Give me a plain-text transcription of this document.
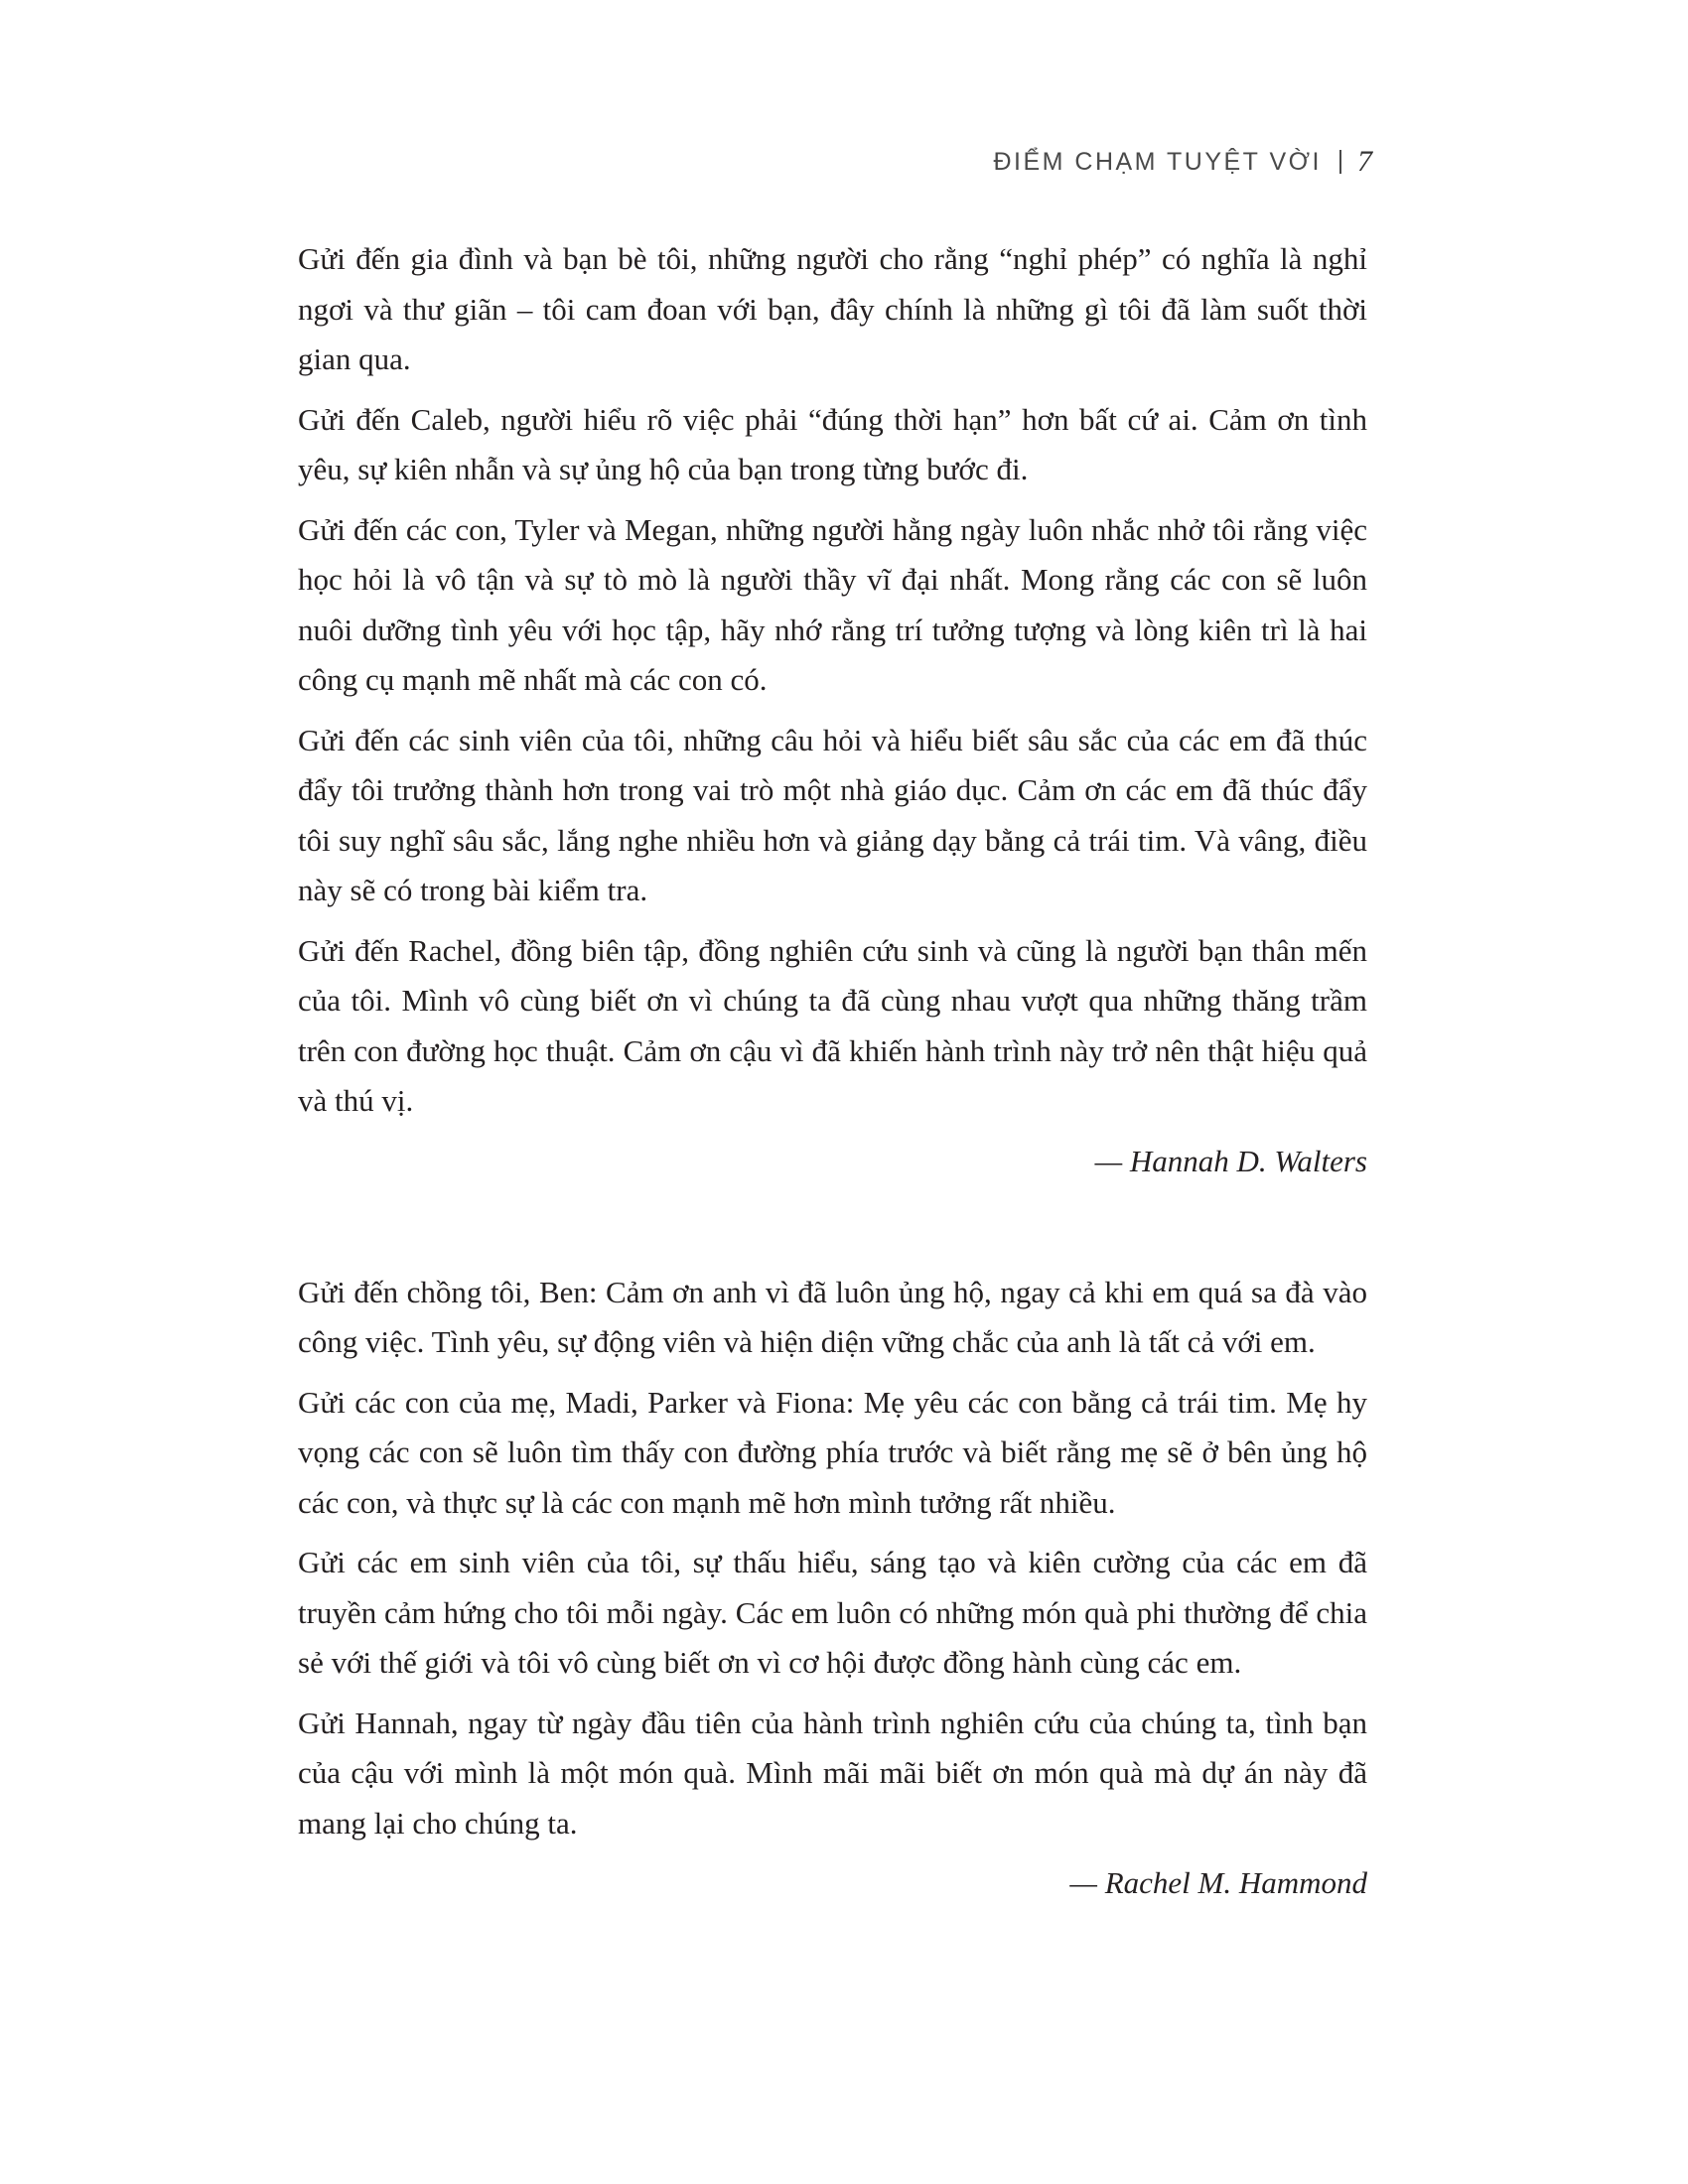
ĐIỂM CHẠM TUYỆT VỜI 7

Gửi đến gia đình và bạn bè tôi, những người cho rằng “nghỉ phép” có nghĩa là nghỉ ngơi và thư giãn – tôi cam đoan với bạn, đây chính là những gì tôi đã làm suốt thời gian qua.

Gửi đến Caleb, người hiểu rõ việc phải “đúng thời hạn” hơn bất cứ ai. Cảm ơn tình yêu, sự kiên nhẫn và sự ủng hộ của bạn trong từng bước đi.

Gửi đến các con, Tyler và Megan, những người hằng ngày luôn nhắc nhở tôi rằng việc học hỏi là vô tận và sự tò mò là người thầy vĩ đại nhất. Mong rằng các con sẽ luôn nuôi dưỡng tình yêu với học tập, hãy nhớ rằng trí tưởng tượng và lòng kiên trì là hai công cụ mạnh mẽ nhất mà các con có.

Gửi đến các sinh viên của tôi, những câu hỏi và hiểu biết sâu sắc của các em đã thúc đẩy tôi trưởng thành hơn trong vai trò một nhà giáo dục. Cảm ơn các em đã thúc đẩy tôi suy nghĩ sâu sắc, lắng nghe nhiều hơn và giảng dạy bằng cả trái tim. Và vâng, điều này sẽ có trong bài kiểm tra.

Gửi đến Rachel, đồng biên tập, đồng nghiên cứu sinh và cũng là người bạn thân mến của tôi. Mình vô cùng biết ơn vì chúng ta đã cùng nhau vượt qua những thăng trầm trên con đường học thuật. Cảm ơn cậu vì đã khiến hành trình này trở nên thật hiệu quả và thú vị.

— Hannah D. Walters

Gửi đến chồng tôi, Ben: Cảm ơn anh vì đã luôn ủng hộ, ngay cả khi em quá sa đà vào công việc. Tình yêu, sự động viên và hiện diện vững chắc của anh là tất cả với em.

Gửi các con của mẹ, Madi, Parker và Fiona: Mẹ yêu các con bằng cả trái tim. Mẹ hy vọng các con sẽ luôn tìm thấy con đường phía trước và biết rằng mẹ sẽ ở bên ủng hộ các con, và thực sự là các con mạnh mẽ hơn mình tưởng rất nhiều.

Gửi các em sinh viên của tôi, sự thấu hiểu, sáng tạo và kiên cường của các em đã truyền cảm hứng cho tôi mỗi ngày. Các em luôn có những món quà phi thường để chia sẻ với thế giới và tôi vô cùng biết ơn vì cơ hội được đồng hành cùng các em.

Gửi Hannah, ngay từ ngày đầu tiên của hành trình nghiên cứu của chúng ta, tình bạn của cậu với mình là một món quà. Mình mãi mãi biết ơn món quà mà dự án này đã mang lại cho chúng ta.

— Rachel M. Hammond
